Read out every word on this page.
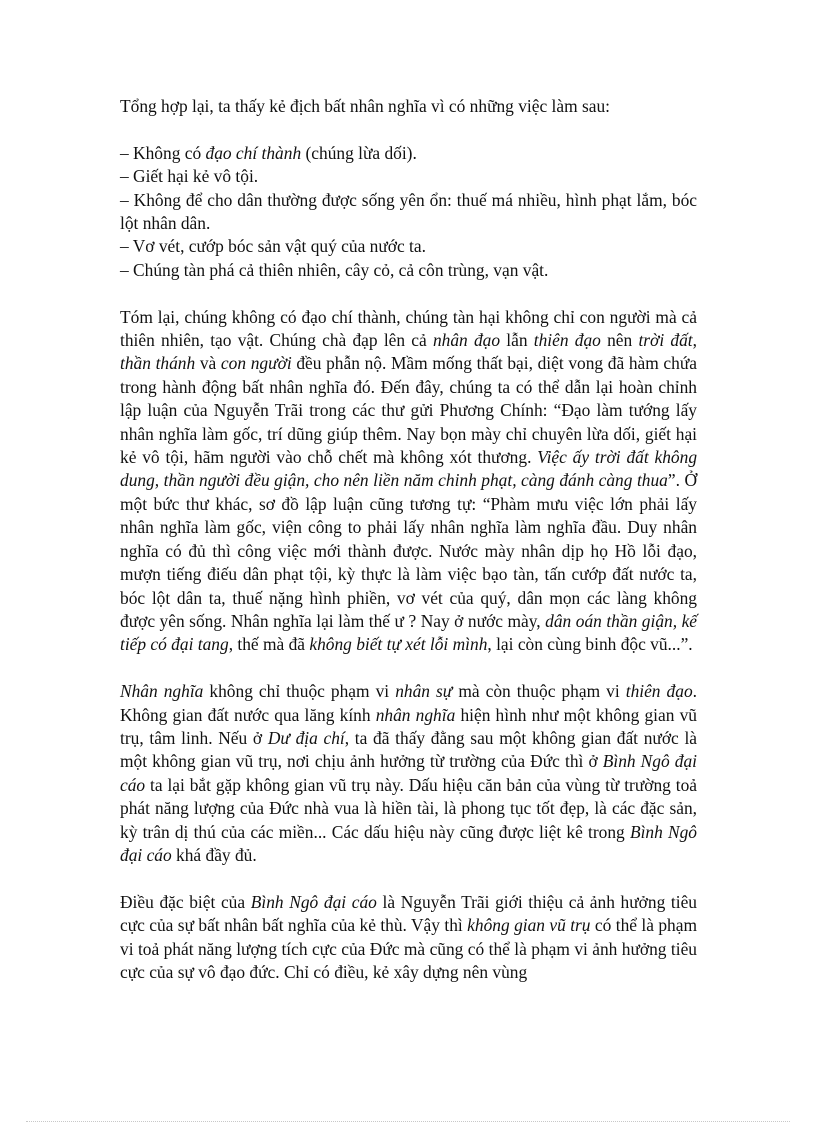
Tổng hợp lại, ta thấy kẻ địch bất nhân nghĩa vì có những việc làm sau:

– Không có đạo chí thành (chúng lừa dối).
– Giết hại kẻ vô tội.
– Không để cho dân thường được sống yên ổn: thuế má nhiều, hình phạt lắm, bóc lột nhân dân.
– Vơ vét, cướp bóc sản vật quý của nước ta.
– Chúng tàn phá cả thiên nhiên, cây cỏ, cả côn trùng, vạn vật.

Tóm lại, chúng không có đạo chí thành, chúng tàn hại không chỉ con người mà cả thiên nhiên, tạo vật. Chúng chà đạp lên cả nhân đạo lẫn thiên đạo nên trời đất, thần thánh và con người đều phẫn nộ. Mầm mống thất bại, diệt vong đã hàm chứa trong hành động bất nhân nghĩa đó. Đến đây, chúng ta có thể dẫn lại hoàn chỉnh lập luận của Nguyễn Trãi trong các thư gửi Phương Chính: “Đạo làm tướng lấy nhân nghĩa làm gốc, trí dũng giúp thêm. Nay bọn mày chỉ chuyên lừa dối, giết hại kẻ vô tội, hãm người vào chỗ chết mà không xót thương. Việc ấy trời đất không dung, thần người đều giận, cho nên liền năm chinh phạt, càng đánh càng thua”. Ở một bức thư khác, sơ đồ lập luận cũng tương tự: “Phàm mưu việc lớn phải lấy nhân nghĩa làm gốc, viện công to phải lấy nhân nghĩa làm nghĩa đầu. Duy nhân nghĩa có đủ thì công việc mới thành được. Nước mày nhân dịp họ Hồ lỗi đạo, mượn tiếng điếu dân phạt tội, kỳ thực là làm việc bạo tàn, tấn cướp đất nước ta, bóc lột dân ta, thuế nặng hình phiền, vơ vét của quý, dân mọn các làng không được yên sống. Nhân nghĩa lại làm thế ư ? Nay ở nước mày, dân oán thần giận, kế tiếp có đại tang, thế mà đã không biết tự xét lỗi mình, lại còn cùng binh độc vũ...”.

Nhân nghĩa không chỉ thuộc phạm vi nhân sự mà còn thuộc phạm vi thiên đạo. Không gian đất nước qua lăng kính nhân nghĩa hiện hình như một không gian vũ trụ, tâm linh. Nếu ở Dư địa chí, ta đã thấy đằng sau một không gian đất nước là một không gian vũ trụ, nơi chịu ảnh hưởng từ trường của Đức thì ở Bình Ngô đại cáo ta lại bắt gặp không gian vũ trụ này. Dấu hiệu căn bản của vùng từ trường toả phát năng lượng của Đức nhà vua là hiền tài, là phong tục tốt đẹp, là các đặc sản, kỳ trân dị thú của các miền... Các dấu hiệu này cũng được liệt kê trong Bình Ngô đại cáo khá đầy đủ.

Điều đặc biệt của Bình Ngô đại cáo là Nguyễn Trãi giới thiệu cả ảnh hưởng tiêu cực của sự bất nhân bất nghĩa của kẻ thù. Vậy thì không gian vũ trụ có thể là phạm vi toả phát năng lượng tích cực của Đức mà cũng có thể là phạm vi ảnh hưởng tiêu cực của sự vô đạo đức. Chỉ có điều, kẻ xây dựng nên vùng
